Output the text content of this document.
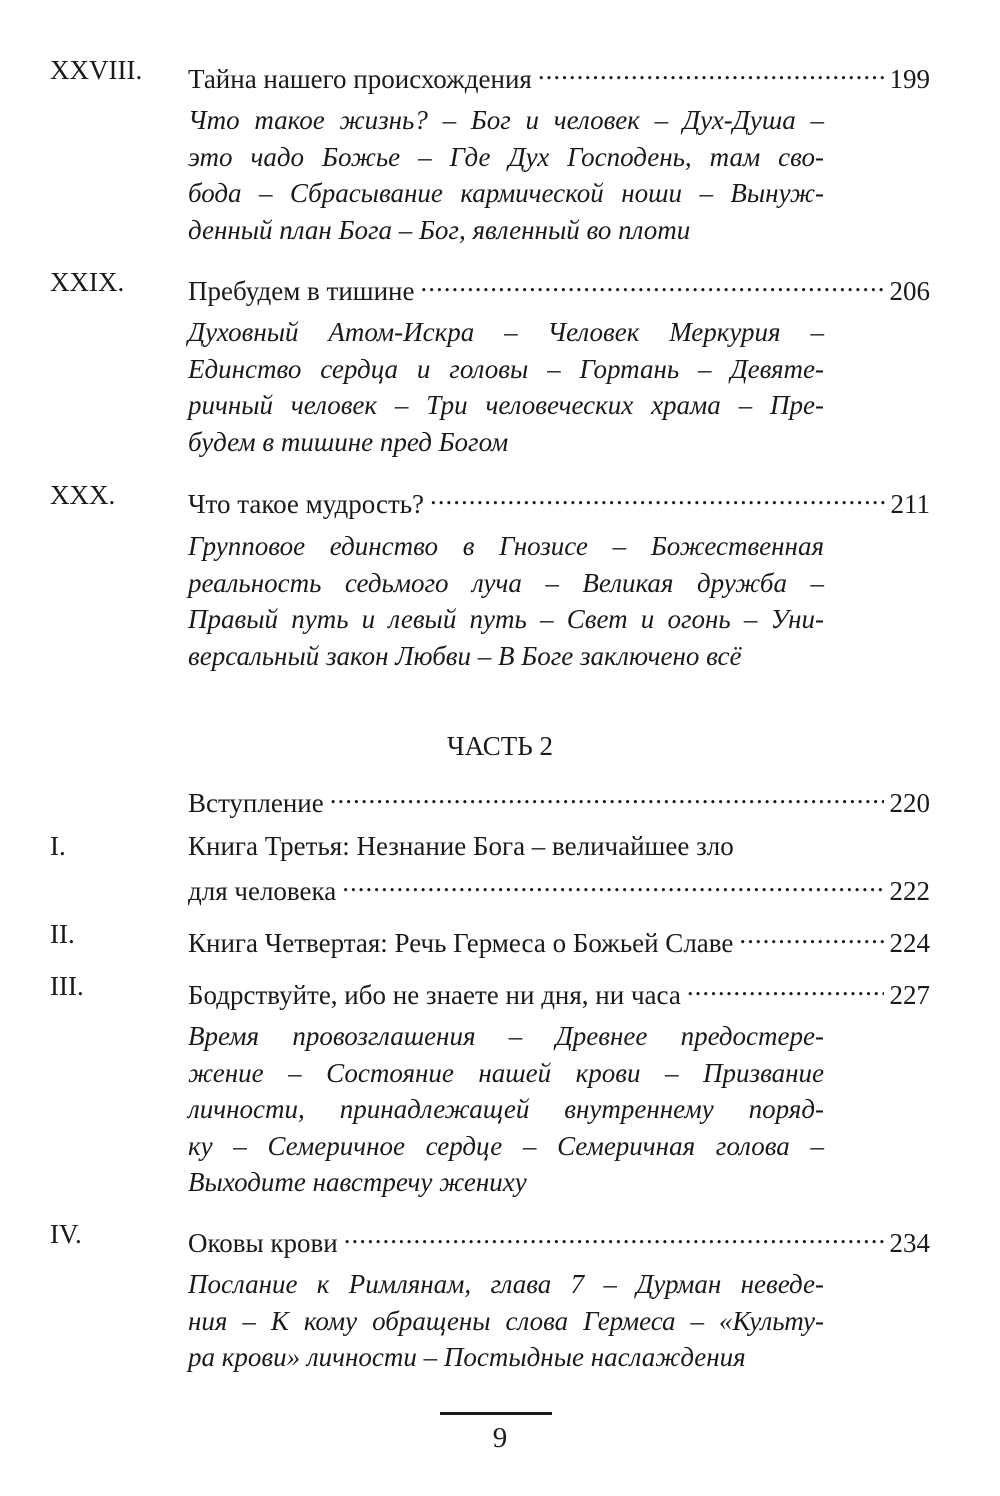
XXVIII. Тайна нашего происхождения .....	199
Что такое жизнь? – Бог и человек – Дух-Душа –
это чадо Божье – Где Дух Господень, там сво-
бода – Сбрасывание кармической ноши – Вынуж-
денный план Бога – Бог, явленный во плоти
XXIX. Пребудем в тишине .....	206
Духовный Атом-Искра – Человек Меркурия –
Единство сердца и головы – Гортань – Девяте-
ричный человек – Три человеческих храма – Пре-
будем в тишине пред Богом
XXX.	Что такое мудрость? .....	211
Групповое единство в Гнозисе – Божественная
реальность седьмого луча – Великая дружба –
Правый путь и левый путь – Свет и огонь – Уни-
версальный закон Любви – В Боге заключено всё
ЧАСТЬ 2
Вступление .....	220
I.	Книга Третья: Незнание Бога – величайшее зло
для человека .....	222
II.	Книга Четвертая: Речь Гермеса о Божьей Славе .....	224
III.	Бодрствуйте, ибо не знаете ни дня, ни часа .....	227
Время провозглашения – Древнее предостере-
жение – Состояние нашей крови – Призвание
личности, принадлежащей внутреннему поряд-
ку – Семеричное сердце – Семеричная голова –
Выходите навстречу жениху
IV.	Оковы крови .....	234
Послание к Римлянам, глава 7 – Дурман неведе-
ния – К кому обращены слова Гермеса – «Культу-
ра крови» личности – Постыдные наслаждения
9
